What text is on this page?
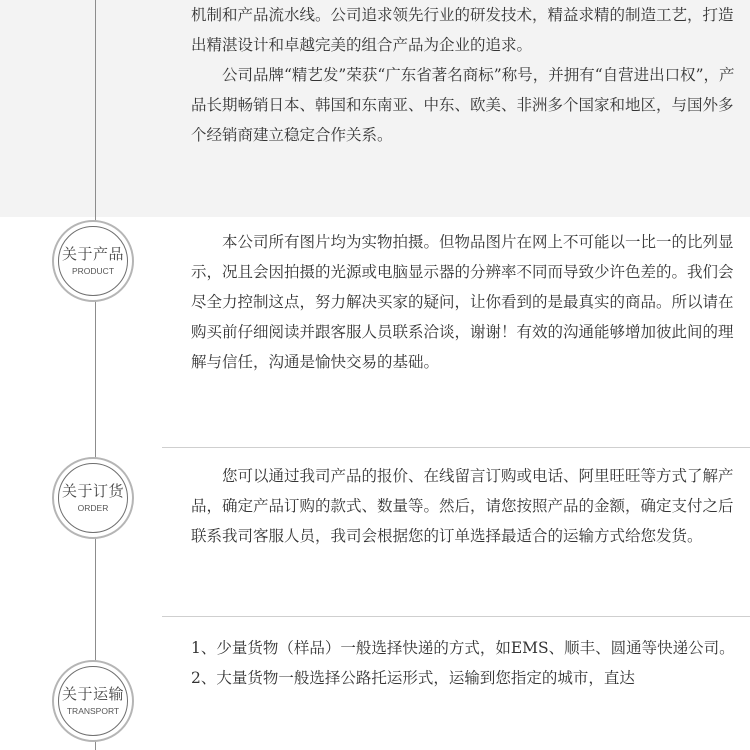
机制和产品流水线。公司追求领先行业的研发技术，精益求精的制造工艺，打造出精湛设计和卓越完美的组合产品为企业的追求。

公司品牌“精艺发”荣获“广东省著名商标”称号，并拥有“自营进出口权”，产品长期畅销日本、韩国和东南亚、中东、欧美、非洲多个国家和地区，与国外多个经销商建立稳定合作关系。

关于产品
PRODUCT

本公司所有图片均为实物拍摄。但物品图片在网上不可能以一比一的比列显示，况且会因拍摄的光源或电脑显示器的分辨率不同而导致少许色差的。我们会尽全力控制这点，努力解决买家的疑问，让你看到的是最真实的商品。所以请在购买前仔细阅读并跟客服人员联系洽谈，谢谢！有效的沟通能够增加彼此间的理解与信任，沟通是愉快交易的基础。

关于订货
ORDER

您可以通过我司产品的报价、在线留言订购或电话、阿里旺旺等方式了解产品，确定产品订购的款式、数量等。然后，请您按照产品的金额，确定支付之后联系我司客服人员，我司会根据您的订单选择最适合的运输方式给您发货。

关于运输
TRANSPORT

1、少量货物（样品）一般选择快递的方式，如EMS、顺丰、圆通等快递公司。

2、大量货物一般选择公路托运形式，运输到您指定的城市，直达
